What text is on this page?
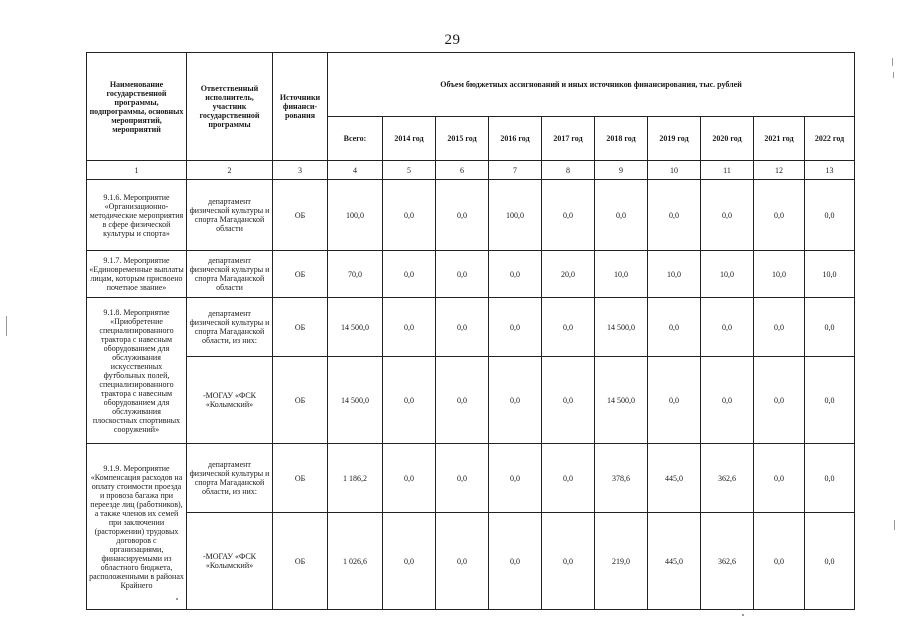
29
Наименование государственной программы, подпрограммы, основных мероприятий, мероприятий	Ответственный исполнитель, участник государственной программы	Источники финанси-рования	Объем бюджетных ассигнований и иных источников финансирования, тыс. рублей									
			Всего:	2014 год	2015 год	2016 год	2017 год	2018 год	2019 год	2020 год	2021 год	2022 год
1	2	3	4	5	6	7	8	9	10	11	12	13
9.1.6. Мероприятие «Организационно-методические мероприятия в сфере физической культуры и спорта»	департамент физической культуры и спорта Магаданской области	ОБ	100,0	0,0	0,0	100,0	0,0	0,0	0,0	0,0	0,0	0,0
9.1.7. Мероприятие «Единовременные выплаты лицам, которым присвоено почетное звание»	департамент физической культуры и спорта Магаданской области	ОБ	70,0	0,0	0,0	0,0	20,0	10,0	10,0	10,0	10,0	10,0
9.1.8. Мероприятие «Приобретение специализированного трактора с навесным оборудованием для обслуживания искусственных футбольных полей, специализированного трактора с навесным оборудованием для обслуживания плоскостных спортивных сооружений»	департамент физической культуры и спорта Магаданской области, из них:	ОБ	14 500,0	0,0	0,0	0,0	0,0	14 500,0	0,0	0,0	0,0	0,0
	-МОГАУ «ФСК «Колымский»	ОБ	14 500,0	0,0	0,0	0,0	0,0	14 500,0	0,0	0,0	0,0	0,0
9.1.9. Мероприятие «Компенсация расходов на оплату стоимости проезда и провоза багажа при переезде лиц (работников), а также членов их семей при заключении (расторжении) трудовых договоров с организациями, финансируемыми из областного бюджета, расположенными в районах Крайнего	департамент физической культуры и спорта Магаданской области, из них:	ОБ	1 186,2	0,0	0,0	0,0	0,0	378,6	445,0	362,6	0,0	0,0
	-МОГАУ «ФСК «Колымский»	ОБ	1 026,6	0,0	0,0	0,0	0,0	219,0	445,0	362,6	0,0	0,0
